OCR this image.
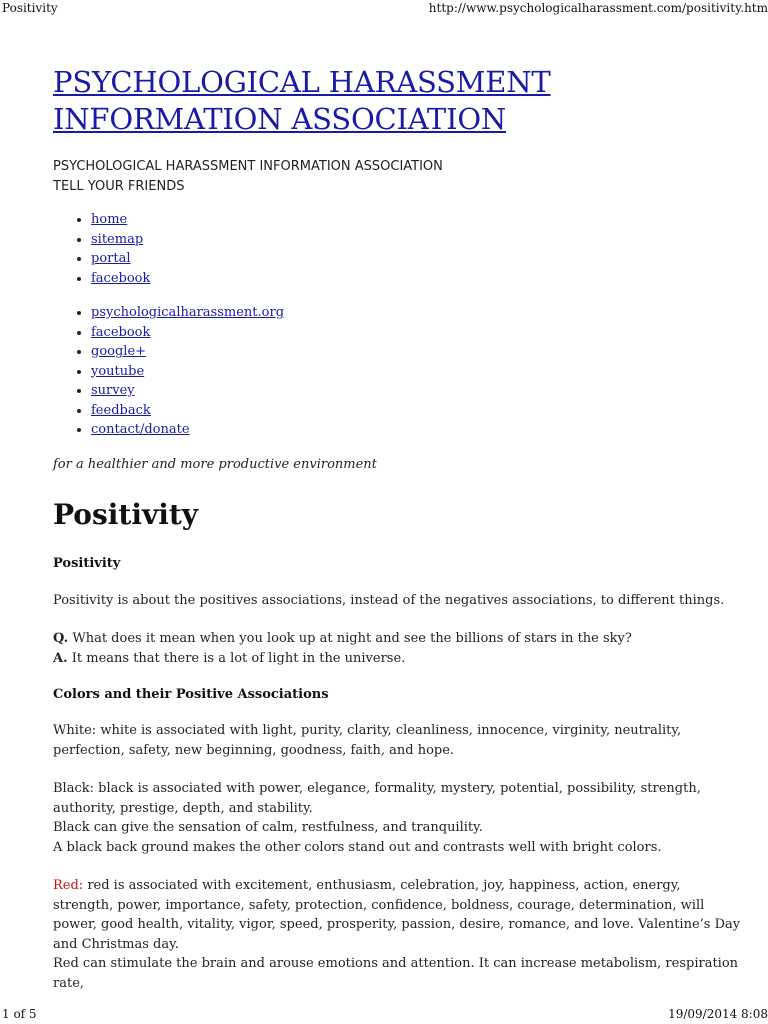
Positivity	http://www.psychologicalharassment.com/positivity.htm
PSYCHOLOGICAL HARASSMENT
INFORMATION ASSOCIATION
PSYCHOLOGICAL HARASSMENT INFORMATION ASSOCIATION
TELL YOUR FRIENDS
• home
• sitemap
• portal
• facebook
• psychologicalharassment.org
• facebook
• google+
• youtube
• survey
• feedback
• contact/donate
for a healthier and more productive environment
Positivity
Positivity

Positivity is about the positives associations, instead of the negatives associations, to different things.

Q. What does it mean when you look up at night and see the billions of stars in the sky?
A. It means that there is a lot of light in the universe.

Colors and their Positive Associations

White: white is associated with light, purity, clarity, cleanliness, innocence, virginity, neutrality, perfection, safety, new beginning, goodness, faith, and hope.

Black: black is associated with power, elegance, formality, mystery, potential, possibility, strength, authority, prestige, depth, and stability.
Black can give the sensation of calm, restfulness, and tranquility.
A black back ground makes the other colors stand out and contrasts well with bright colors.

Red: red is associated with excitement, enthusiasm, celebration, joy, happiness, action, energy, strength, power, importance, safety, protection, confidence, boldness, courage, determination, will power, good health, vitality, vigor, speed, prosperity, passion, desire, romance, and love. Valentine’s Day and Christmas day.
Red can stimulate the brain and arouse emotions and attention. It can increase metabolism, respiration rate,

1 of 5	19/09/2014 8:08
